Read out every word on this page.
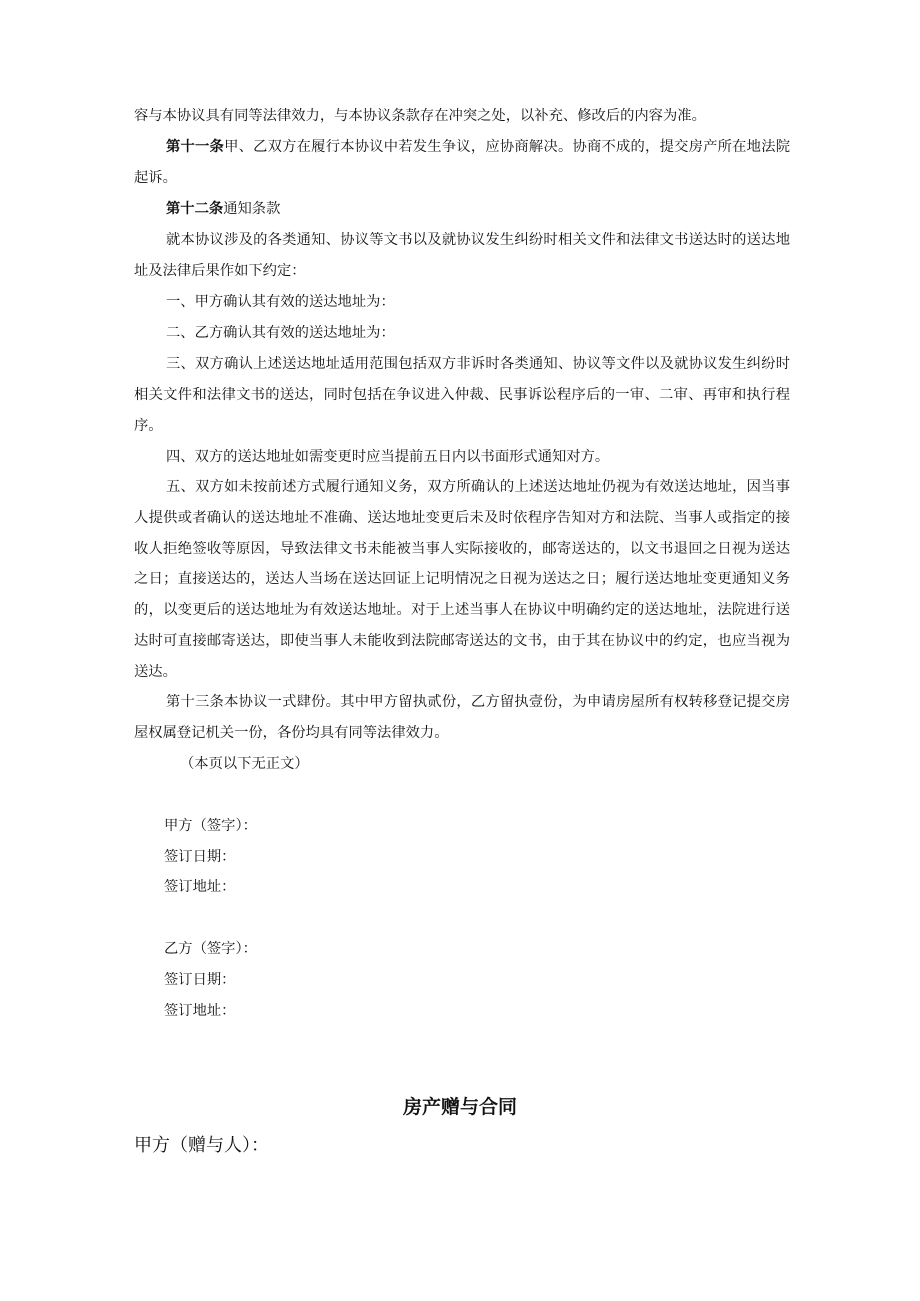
容与本协议具有同等法律效力，与本协议条款存在冲突之处，以补充、修改后的内容为准。

第十一条甲、乙双方在履行本协议中若发生争议，应协商解决。协商不成的，提交房产所在地法院起诉。

第十二条通知条款

就本协议涉及的各类通知、协议等文书以及就协议发生纠纷时相关文件和法律文书送达时的送达地址及法律后果作如下约定：

一、甲方确认其有效的送达地址为：

二、乙方确认其有效的送达地址为：

三、双方确认上述送达地址适用范围包括双方非诉时各类通知、协议等文件以及就协议发生纠纷时相关文件和法律文书的送达，同时包括在争议进入仲裁、民事诉讼程序后的一审、二审、再审和执行程序。

四、双方的送达地址如需变更时应当提前五日内以书面形式通知对方。

五、双方如未按前述方式履行通知义务，双方所确认的上述送达地址仍视为有效送达地址，因当事人提供或者确认的送达地址不准确、送达地址变更后未及时依程序告知对方和法院、当事人或指定的接收人拒绝签收等原因，导致法律文书未能被当事人实际接收的，邮寄送达的，以文书退回之日视为送达之日；直接送达的，送达人当场在送达回证上记明情况之日视为送达之日；履行送达地址变更通知义务的，以变更后的送达地址为有效送达地址。对于上述当事人在协议中明确约定的送达地址，法院进行送达时可直接邮寄送达，即使当事人未能收到法院邮寄送达的文书，由于其在协议中的约定，也应当视为送达。

第十三条本协议一式肆份。其中甲方留执贰份，乙方留执壹份，为申请房屋所有权转移登记提交房屋权属登记机关一份，各份均具有同等法律效力。

（本页以下无正文）

甲方（签字）：

签订日期：

签订地址：

乙方（签字）：

签订日期：

签订地址：

房产赠与合同

甲方（赠与人）：
